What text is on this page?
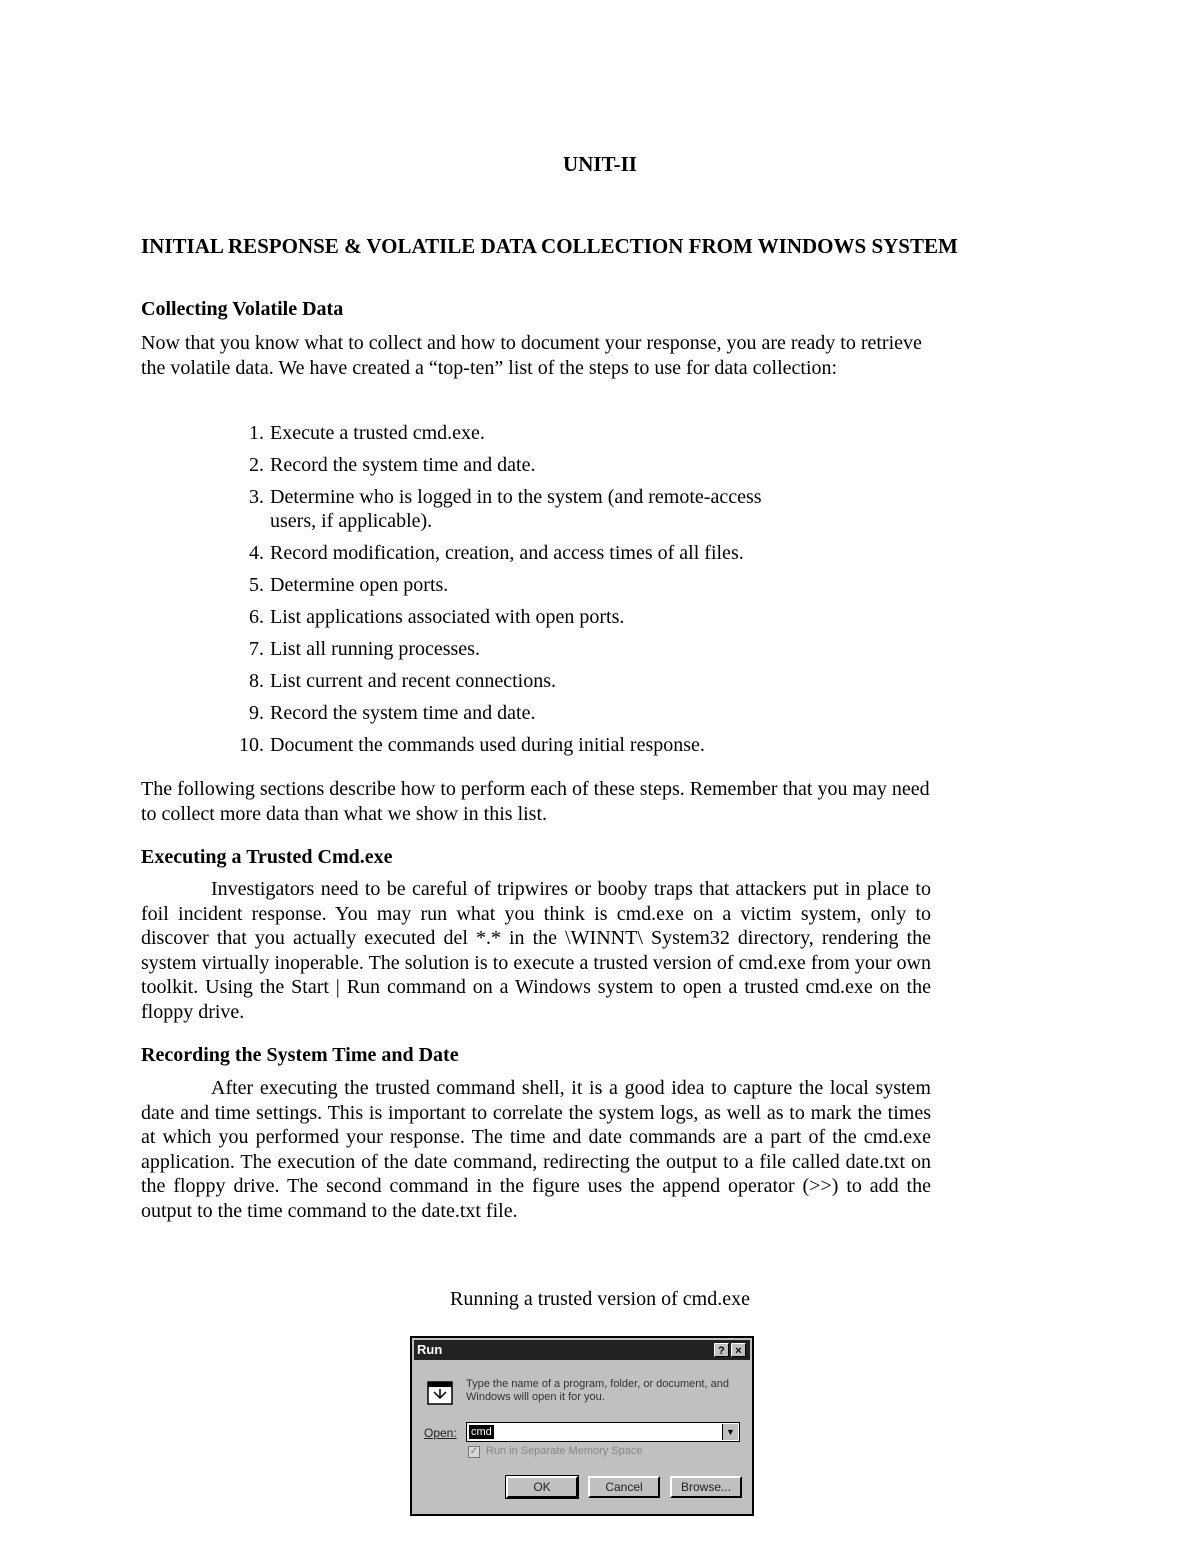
UNIT-II
INITIAL RESPONSE & VOLATILE DATA COLLECTION FROM WINDOWS SYSTEM
Collecting Volatile Data

Now that you know what to collect and how to document your response, you are ready to retrieve the volatile data. We have created a “top-ten” list of the steps to use for data collection:

1. Execute a trusted cmd.exe.
2. Record the system time and date.
3. Determine who is logged in to the system (and remote-access users, if applicable).
4. Record modification, creation, and access times of all files.
5. Determine open ports.
6. List applications associated with open ports.
7. List all running processes.
8. List current and recent connections.
9. Record the system time and date.
10. Document the commands used during initial response.

The following sections describe how to perform each of these steps. Remember that you may need to collect more data than what we show in this list.

Executing a Trusted Cmd.exe

Investigators need to be careful of tripwires or booby traps that attackers put in place to foil incident response. You may run what you think is cmd.exe on a victim system, only to discover that you actually executed del *.* in the \WINNT\ System32 directory, rendering the system virtually inoperable. The solution is to execute a trusted version of cmd.exe from your own toolkit. Using the Start | Run command on a Windows system to open a trusted cmd.exe on the floppy drive.

Recording the System Time and Date

After executing the trusted command shell, it is a good idea to capture the local system date and time settings. This is important to correlate the system logs, as well as to mark the times at which you performed your response. The time and date commands are a part of the cmd.exe application. The execution of the date command, redirecting the output to a file called date.txt on the floppy drive. The second command in the figure uses the append operator (>>) to add the output to the time command to the date.txt file.

Running a trusted version of cmd.exe

Run	? ×

Type the name of a program, folder, or document, and Windows will open it for you.

Open: cmd	▼
✓ Run in Separate Memory Space
OK	Cancel	Browse...
